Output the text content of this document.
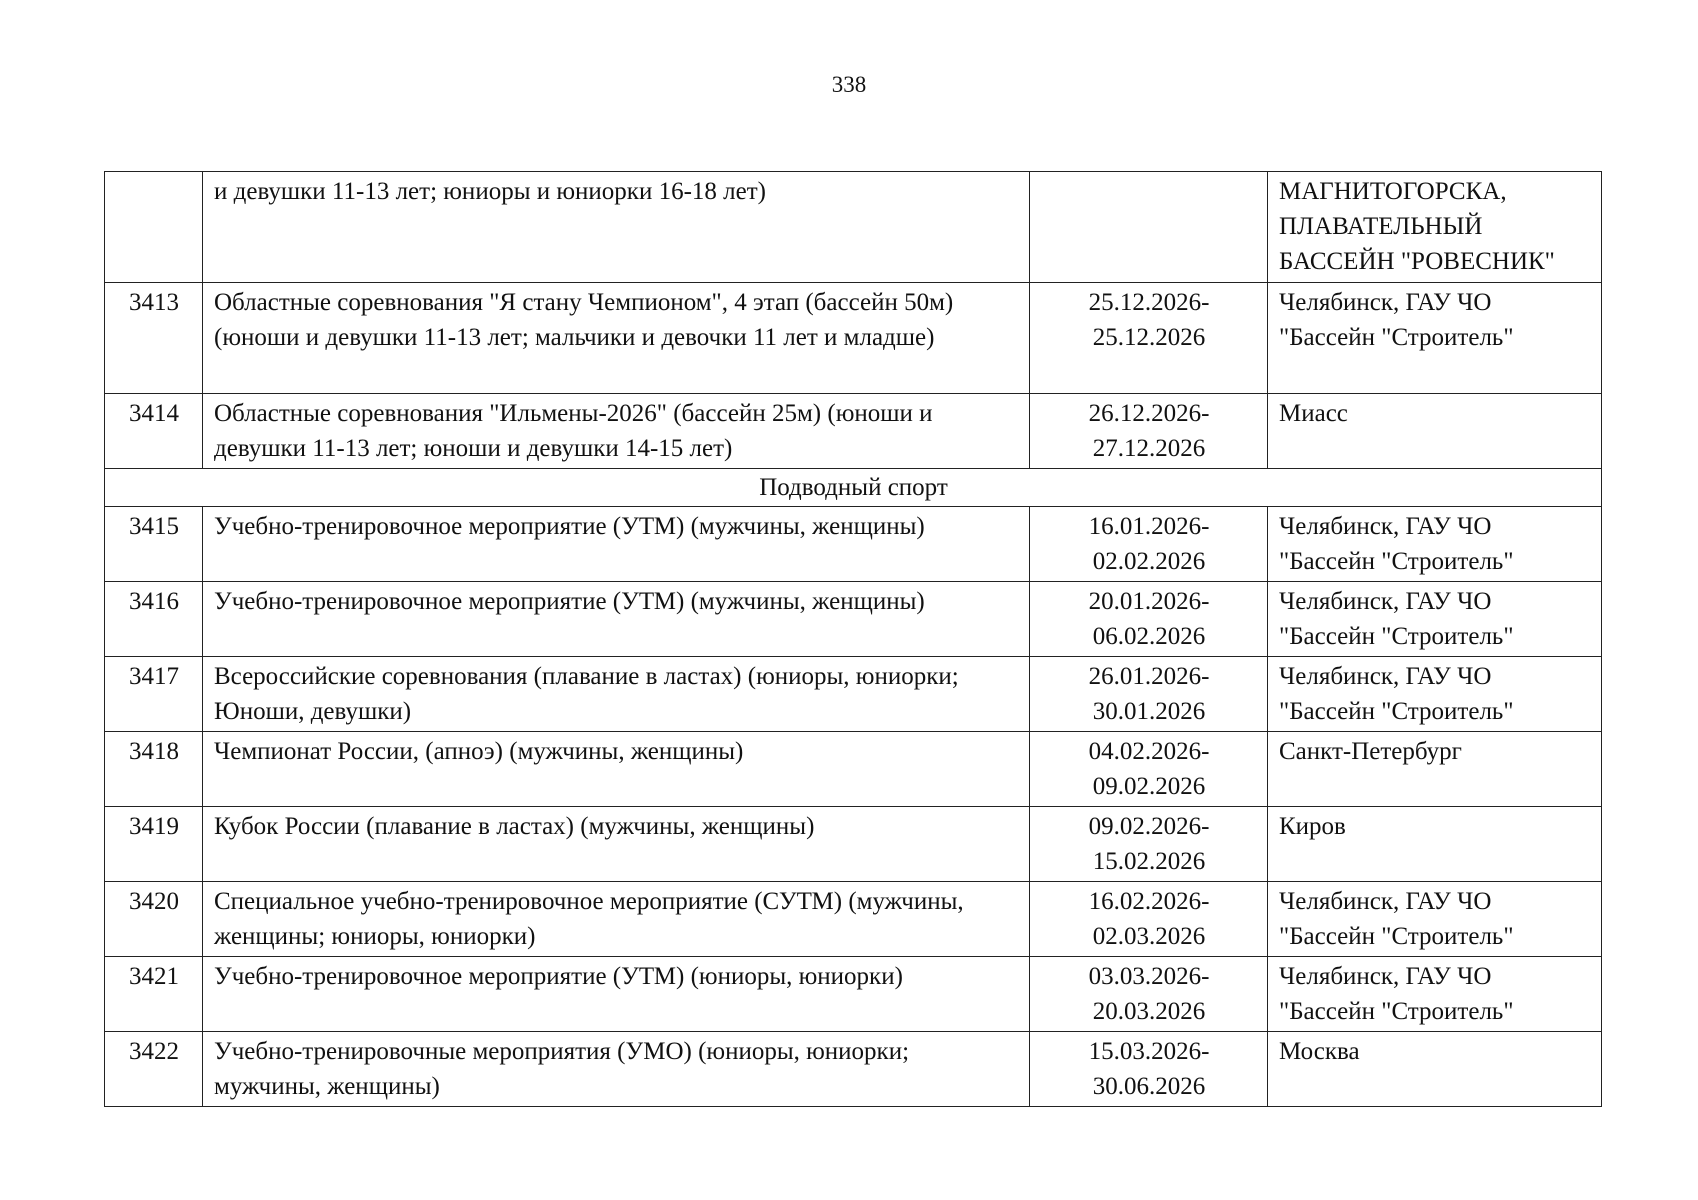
338
	и девушки 11-13 лет; юниоры и юниорки 16-18 лет)		МАГНИТОГОРСКА, ПЛАВАТЕЛЬНЫЙ БАССЕЙН "РОВЕСНИК"
3413	Областные соревнования "Я стану Чемпионом", 4 этап (бассейн 50м) (юноши и девушки 11-13 лет; мальчики и девочки 11 лет и младше)	25.12.2026-25.12.2026	Челябинск, ГАУ ЧО "Бассейн "Строитель"
3414	Областные соревнования "Ильмены-2026" (бассейн 25м) (юноши и девушки 11-13 лет; юноши и девушки 14-15 лет)	26.12.2026-27.12.2026	Миасс
Подводный спорт			
3415	Учебно-тренировочное мероприятие (УТМ) (мужчины, женщины)	16.01.2026-02.02.2026	Челябинск, ГАУ ЧО "Бассейн "Строитель"
3416	Учебно-тренировочное мероприятие (УТМ) (мужчины, женщины)	20.01.2026-06.02.2026	Челябинск, ГАУ ЧО "Бассейн "Строитель"
3417	Всероссийские соревнования (плавание в ластах) (юниоры, юниорки; Юноши, девушки)	26.01.2026-30.01.2026	Челябинск, ГАУ ЧО "Бассейн "Строитель"
3418	Чемпионат России, (апноэ) (мужчины, женщины)	04.02.2026-09.02.2026	Санкт-Петербург
3419	Кубок России (плавание в ластах) (мужчины, женщины)	09.02.2026-15.02.2026	Киров
3420	Специальное учебно-тренировочное мероприятие (СУТМ) (мужчины, женщины; юниоры, юниорки)	16.02.2026-02.03.2026	Челябинск, ГАУ ЧО "Бассейн "Строитель"
3421	Учебно-тренировочное мероприятие (УТМ) (юниоры, юниорки)	03.03.2026-20.03.2026	Челябинск, ГАУ ЧО "Бассейн "Строитель"
3422	Учебно-тренировочные мероприятия (УМО) (юниоры, юниорки; мужчины, женщины)	15.03.2026-30.06.2026	Москва
